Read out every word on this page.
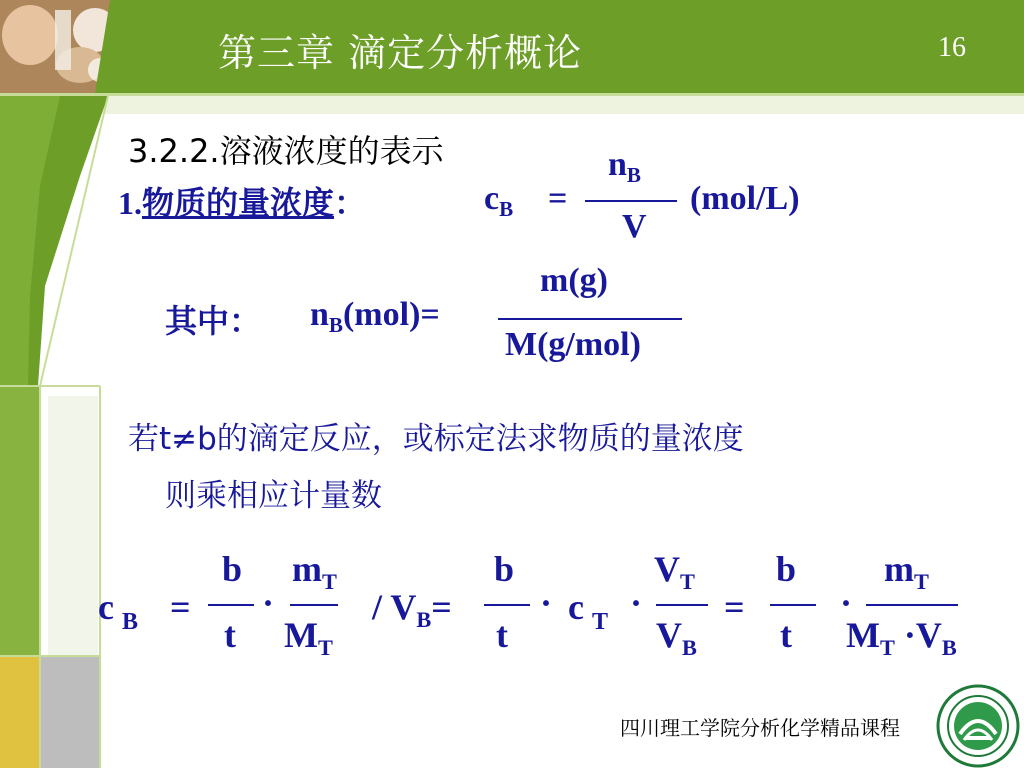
第三章 滴定分析概论	16
3.2.2.溶液浓度的表示
1.物质的量浓度：	$c_B$ =
$n_B$
V
(mol/L)
其中： $n_B(mol)=$
m(g)
M(g/mol)
若t≠b的滴定反应，或标定法求物质的量浓度
则乘相应计量数
c $_B$ =
b
t
·
$m_T$
$M_T$
/ $V_B=$
b
t
· c $_T$ ·
$V_T$
$V_B$
=
b
t
·
$m_T$
$M_T \cdot V_B$
四川理工学院分析化学精品课程
